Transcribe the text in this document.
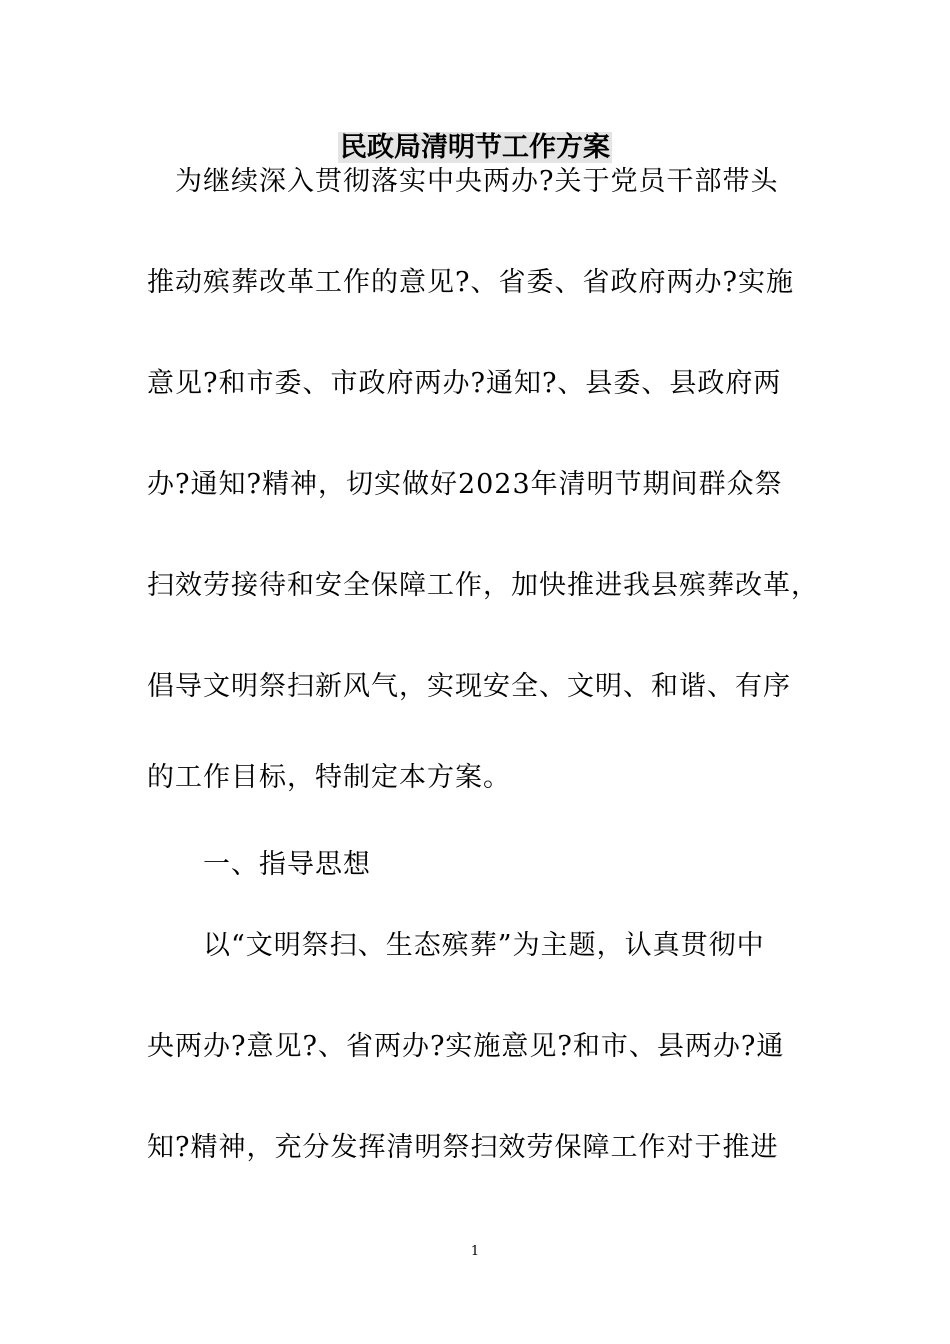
民政局清明节工作方案
　为继续深入贯彻落实中央两办?关于党员干部带头
推动殡葬改革工作的意见?、省委、省政府两办?实施
意见?和市委、市政府两办?通知?、县委、县政府两
办?通知?精神，切实做好2023年清明节期间群众祭
扫效劳接待和安全保障工作，加快推进我县殡葬改革，
倡导文明祭扫新风气，实现安全、文明、和谐、有序
的工作目标，特制定本方案。
　　一、指导思想
　　以“文明祭扫、生态殡葬”为主题，认真贯彻中
央两办?意见?、省两办?实施意见?和市、县两办?通
知?精神，充分发挥清明祭扫效劳保障工作对于推进
1
